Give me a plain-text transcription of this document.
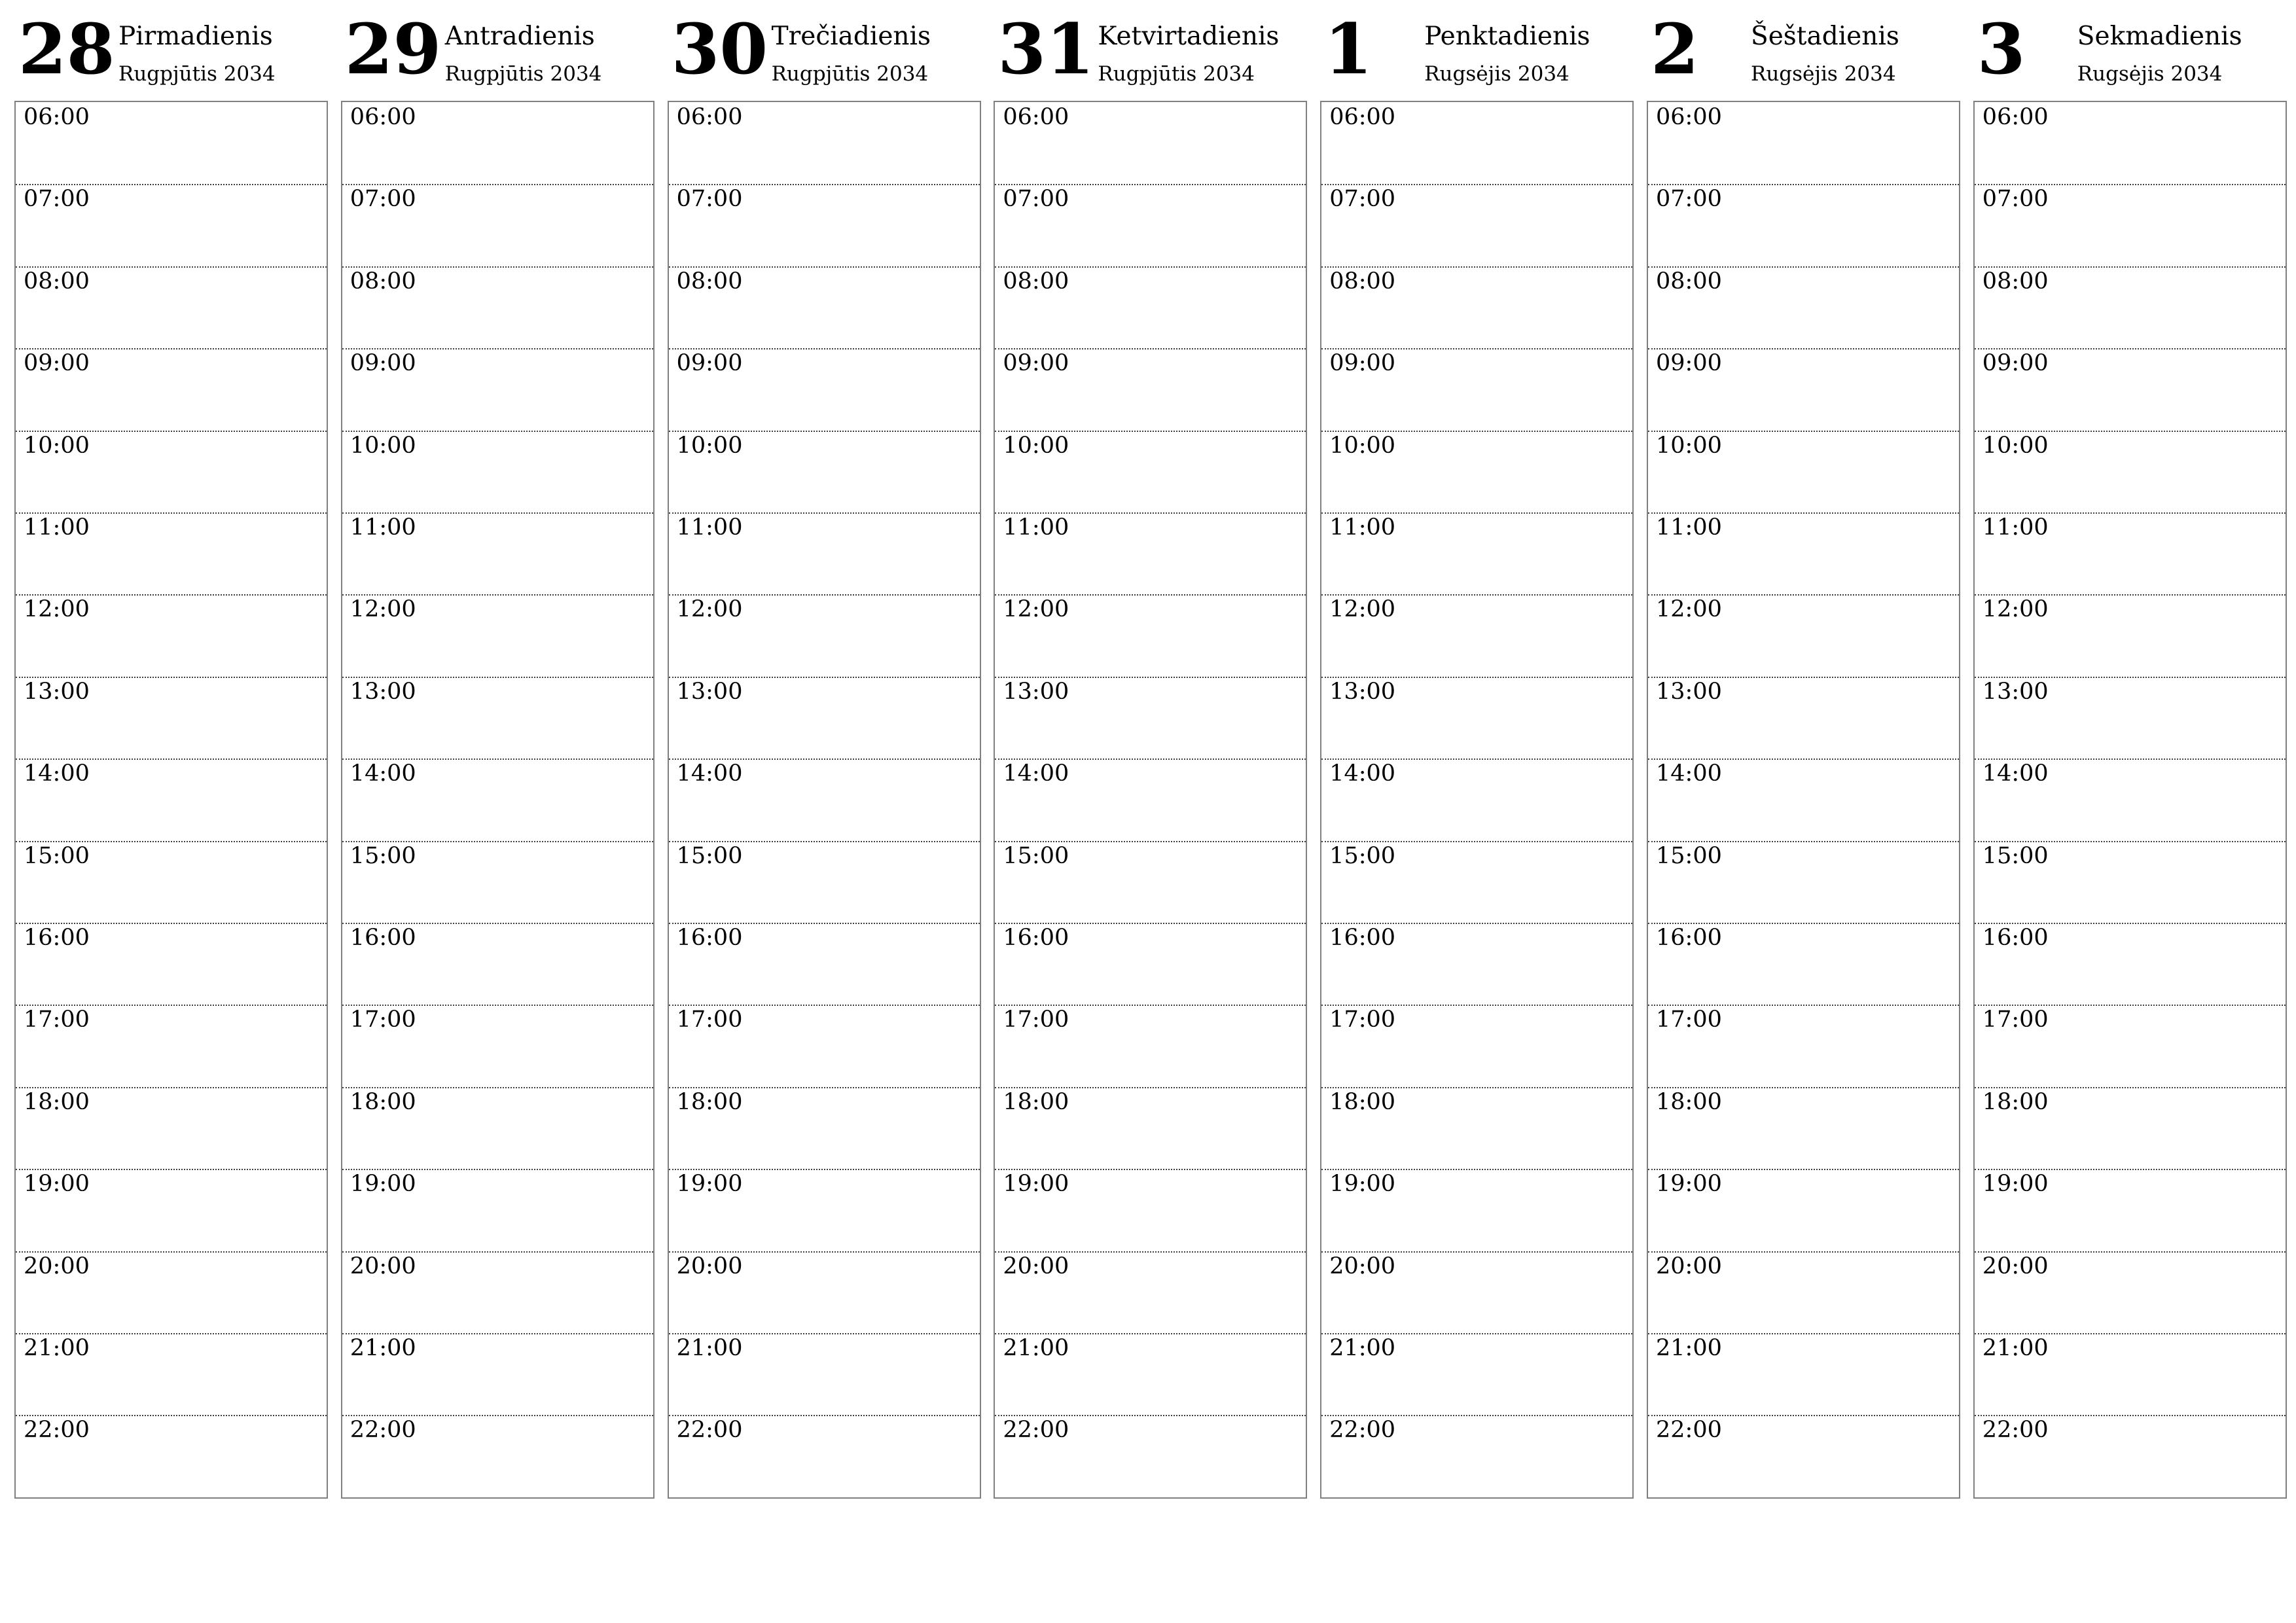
28 Pirmadienis
Rugpjūtis 2034
06:00
07:00
08:00
09:00
10:00
11:00
12:00
13:00
14:00
15:00
16:00
17:00
18:00
19:00
20:00
21:00
22:00
29 Antradienis
Rugpjūtis 2034
06:00
07:00
08:00
09:00
10:00
11:00
12:00
13:00
14:00
15:00
16:00
17:00
18:00
19:00
20:00
21:00
22:00
30 Trečiadienis
Rugpjūtis 2034
06:00
07:00
08:00
09:00
10:00
11:00
12:00
13:00
14:00
15:00
16:00
17:00
18:00
19:00
20:00
21:00
22:00
31 Ketvirtadienis
Rugpjūtis 2034
06:00
07:00
08:00
09:00
10:00
11:00
12:00
13:00
14:00
15:00
16:00
17:00
18:00
19:00
20:00
21:00
22:00
1 Penktadienis
Rugsėjis 2034
06:00
07:00
08:00
09:00
10:00
11:00
12:00
13:00
14:00
15:00
16:00
17:00
18:00
19:00
20:00
21:00
22:00
2 Šeštadienis
Rugsėjis 2034
06:00
07:00
08:00
09:00
10:00
11:00
12:00
13:00
14:00
15:00
16:00
17:00
18:00
19:00
20:00
21:00
22:00
3 Sekmadienis
Rugsėjis 2034
06:00
07:00
08:00
09:00
10:00
11:00
12:00
13:00
14:00
15:00
16:00
17:00
18:00
19:00
20:00
21:00
22:00
